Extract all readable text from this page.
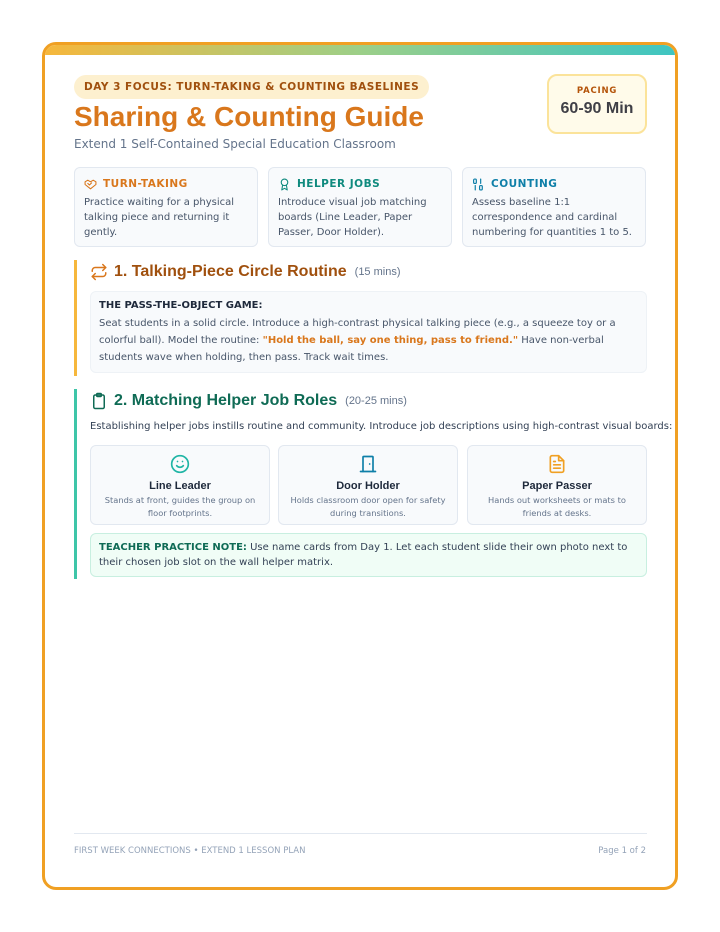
DAY 3 FOCUS: TURN-TAKING & COUNTING BASELINES
Sharing & Counting Guide
Extend 1 Self-Contained Special Education Classroom
PACING
60-90 Min
TURN-TAKING
Practice waiting for a physical talking piece and returning it gently.
HELPER JOBS
Introduce visual job matching boards (Line Leader, Paper Passer, Door Holder).
COUNTING
Assess baseline 1:1 correspondence and cardinal numbering for quantities 1 to 5.
1. Talking-Piece Circle Routine (15 mins)
THE PASS-THE-OBJECT GAME:
Seat students in a solid circle. Introduce a high-contrast physical talking piece (e.g., a squeeze toy or a colorful ball). Model the routine: "Hold the ball, say one thing, pass to friend." Have non-verbal students wave when holding, then pass. Track wait times.
2. Matching Helper Job Roles (20-25 mins)
Establishing helper jobs instills routine and community. Introduce job descriptions using high-contrast visual boards:
Line Leader
Stands at front, guides the group on floor footprints.
Door Holder
Holds classroom door open for safety during transitions.
Paper Passer
Hands out worksheets or mats to friends at desks.
TEACHER PRACTICE NOTE: Use name cards from Day 1. Let each student slide their own photo next to their chosen job slot on the wall helper matrix.
FIRST WEEK CONNECTIONS • EXTEND 1 LESSON PLAN	Page 1 of 2
